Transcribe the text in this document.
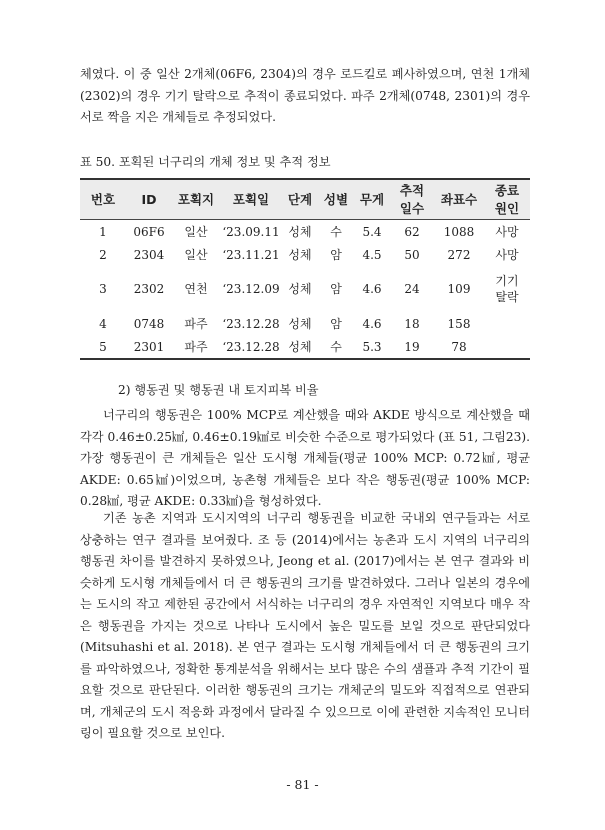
체였다. 이 중 일산 2개체(06F6, 2304)의 경우 로드킬로 폐사하였으며, 연천 1개체(2302)의 경우 기기 탈락으로 추적이 종료되었다. 파주 2개체(0748, 2301)의 경우 서로 짝을 지은 개체들로 추정되었다.

표 50. 포획된 너구리의 개체 정보 및 추적 정보
번호	ID	포획지	포획일	단계	성별	무게	추적
일수	좌표수	종료
원인
1	06F6	일산	‘23.09.11	성체	수	5.4	62	1088	사망
2	2304	일산	‘23.11.21	성체	암	4.5	50	272	사망
3	2302	연천	‘23.12.09	성체	암	4.6	24	109	기기
탈락
4	0748	파주	‘23.12.28	성체	암	4.6	18	158	
5	2301	파주	‘23.12.28	성체	수	5.3	19	78	
2) 행동권 및 행동권 내 토지피복 비율

너구리의 행동권은 100% MCP로 계산했을 때와 AKDE 방식으로 계산했을 때 각각 0.46±0.25㎢, 0.46±0.19㎢로 비슷한 수준으로 평가되었다 (표 51, 그림23). 가장 행동권이 큰 개체들은 일산 도시형 개체들(평균 100% MCP: 0.72㎢, 평균 AKDE: 0.65㎢)이었으며, 농촌형 개체들은 보다 작은 행동권(평균 100% MCP: 0.28㎢, 평균 AKDE: 0.33㎢)을 형성하였다.

기존 농촌 지역과 도시지역의 너구리 행동권을 비교한 국내외 연구들과는 서로 상충하는 연구 결과를 보여줬다. 조 등 (2014)에서는 농촌과 도시 지역의 너구리의 행동권 차이를 발견하지 못하였으나, Jeong et al. (2017)에서는 본 연구 결과와 비슷하게 도시형 개체들에서 더 큰 행동권의 크기를 발견하였다. 그러나 일본의 경우에는 도시의 작고 제한된 공간에서 서식하는 너구리의 경우 자연적인 지역보다 매우 작은 행동권을 가지는 것으로 나타나 도시에서 높은 밀도를 보일 것으로 판단되었다(Mitsuhashi et al. 2018). 본 연구 결과는 도시형 개체들에서 더 큰 행동권의 크기를 파악하였으나, 정확한 통계분석을 위해서는 보다 많은 수의 샘플과 추적 기간이 필요할 것으로 판단된다. 이러한 행동권의 크기는 개체군의 밀도와 직접적으로 연관되며, 개체군의 도시 적응화 과정에서 달라질 수 있으므로 이에 관련한 지속적인 모니터링이 필요할 것으로 보인다.

- 81 -
